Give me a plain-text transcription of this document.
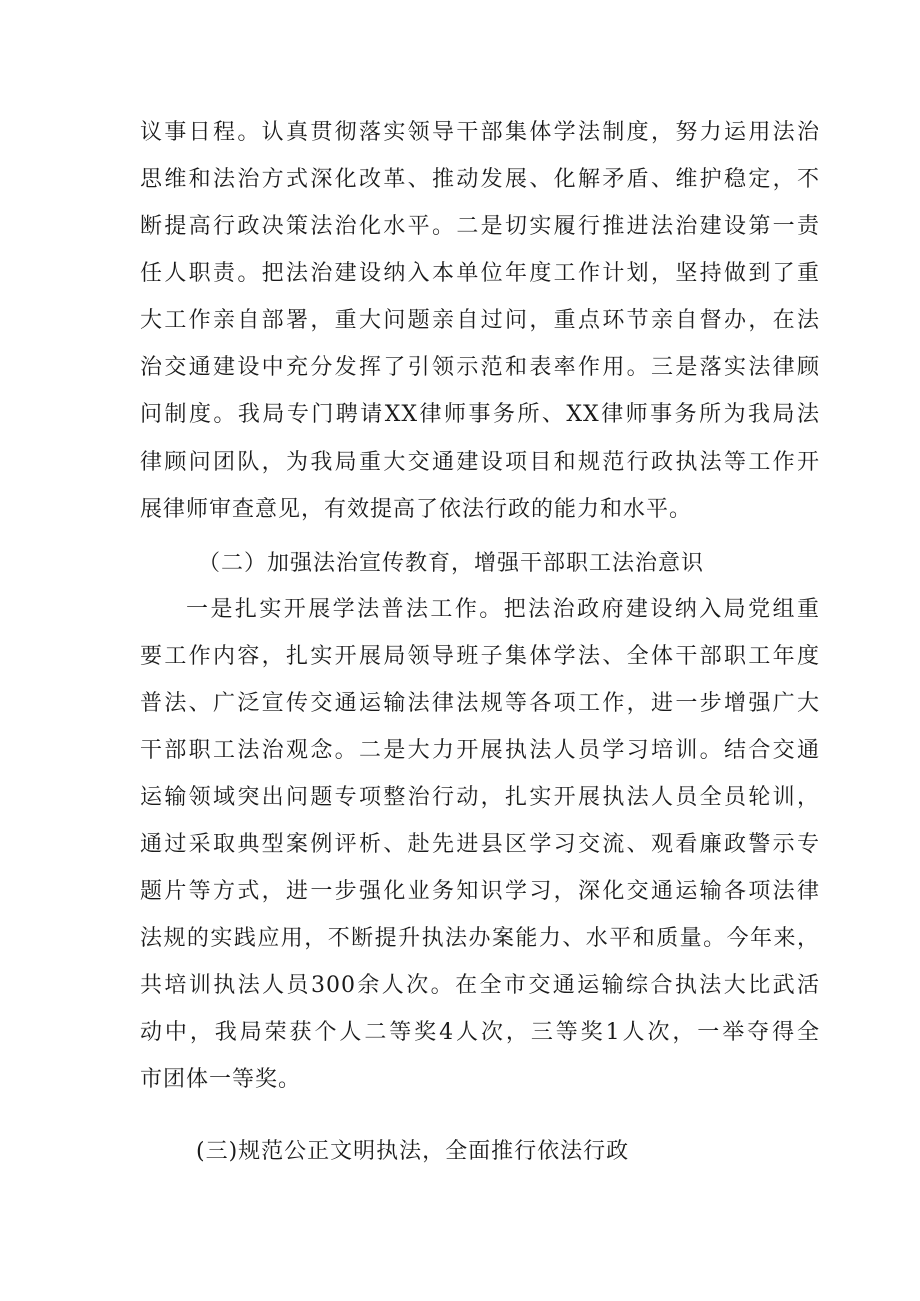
议事日程。认真贯彻落实领导干部集体学法制度，努力运用法治
思维和法治方式深化改革、推动发展、化解矛盾、维护稳定，不
断提高行政决策法治化水平。二是切实履行推进法治建设第一责
任人职责。把法治建设纳入本单位年度工作计划，坚持做到了重
大工作亲自部署，重大问题亲自过问，重点环节亲自督办，在法
治交通建设中充分发挥了引领示范和表率作用。三是落实法律顾
问制度。我局专门聘请XX律师事务所、XX律师事务所为我局法
律顾问团队，为我局重大交通建设项目和规范行政执法等工作开
展律师审查意见，有效提高了依法行政的能力和水平。
（二）加强法治宣传教育，增强干部职工法治意识
一是扎实开展学法普法工作。把法治政府建设纳入局党组重
要工作内容，扎实开展局领导班子集体学法、全体干部职工年度
普法、广泛宣传交通运输法律法规等各项工作，进一步增强广大
干部职工法治观念。二是大力开展执法人员学习培训。结合交通
运输领域突出问题专项整治行动，扎实开展执法人员全员轮训，
通过采取典型案例评析、赴先进县区学习交流、观看廉政警示专
题片等方式，进一步强化业务知识学习，深化交通运输各项法律
法规的实践应用，不断提升执法办案能力、水平和质量。今年来，
共培训执法人员300余人次。在全市交通运输综合执法大比武活
动中，我局荣获个人二等奖4人次，三等奖1人次，一举夺得全
市团体一等奖。
(三)规范公正文明执法，全面推行依法行政
